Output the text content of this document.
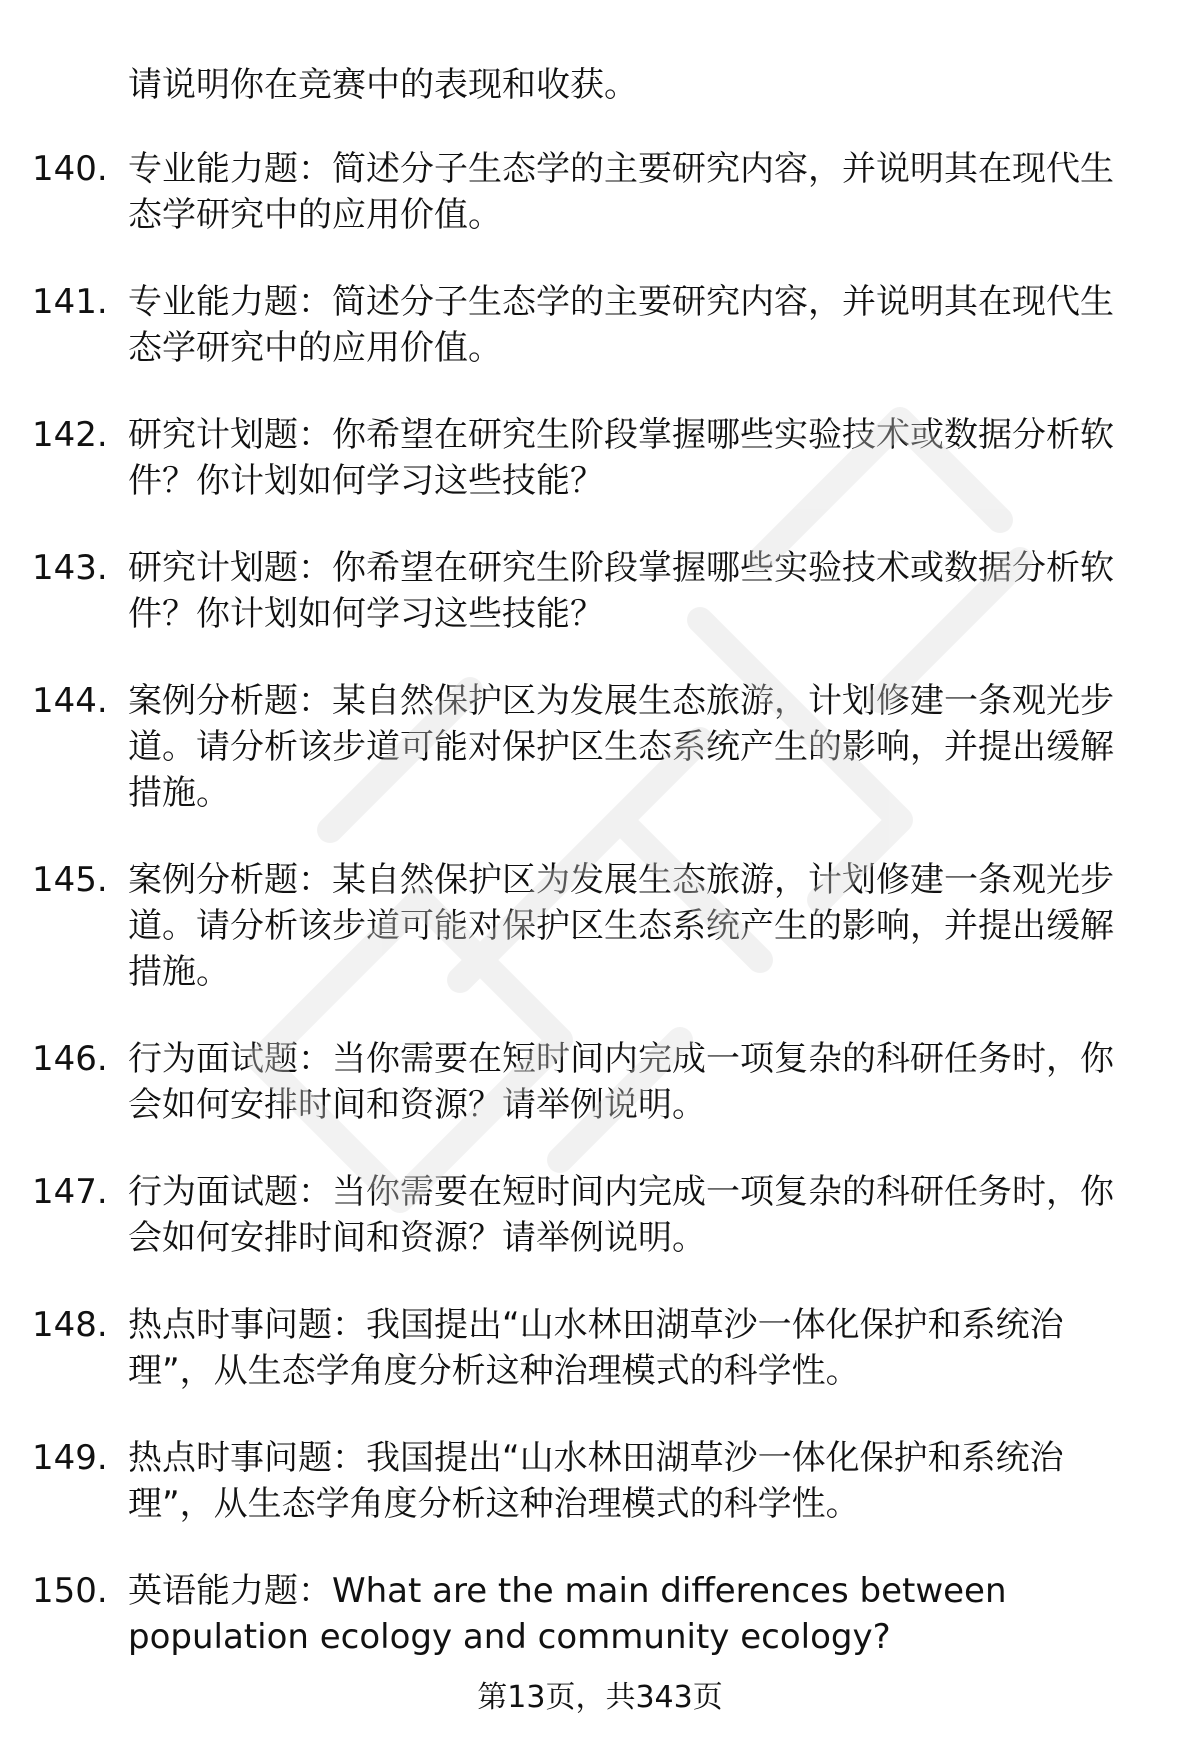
请说明你在竞赛中的表现和收获。
140. 专业能力题：简述分子生态学的主要研究内容，并说明其在现代生态学研究中的应用价值。
141. 专业能力题：简述分子生态学的主要研究内容，并说明其在现代生态学研究中的应用价值。
142. 研究计划题：你希望在研究生阶段掌握哪些实验技术或数据分析软件？你计划如何学习这些技能？
143. 研究计划题：你希望在研究生阶段掌握哪些实验技术或数据分析软件？你计划如何学习这些技能？
144. 案例分析题：某自然保护区为发展生态旅游，计划修建一条观光步道。请分析该步道可能对保护区生态系统产生的影响，并提出缓解措施。
145. 案例分析题：某自然保护区为发展生态旅游，计划修建一条观光步道。请分析该步道可能对保护区生态系统产生的影响，并提出缓解措施。
146. 行为面试题：当你需要在短时间内完成一项复杂的科研任务时，你会如何安排时间和资源？请举例说明。
147. 行为面试题：当你需要在短时间内完成一项复杂的科研任务时，你会如何安排时间和资源？请举例说明。
148. 热点时事问题：我国提出“山水林田湖草沙一体化保护和系统治理”，从生态学角度分析这种治理模式的科学性。
149. 热点时事问题：我国提出“山水林田湖草沙一体化保护和系统治理”，从生态学角度分析这种治理模式的科学性。
150. 英语能力题：What are the main differences between population ecology and community ecology?
第13页，共343页
